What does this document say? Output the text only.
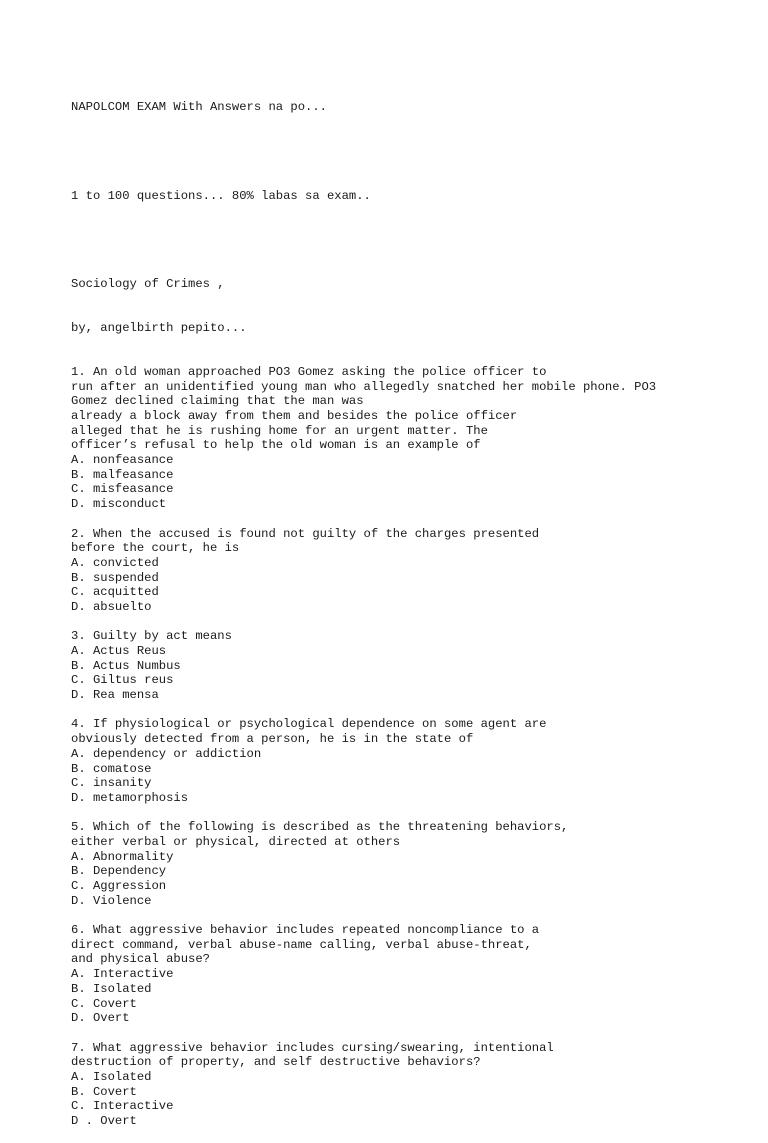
NAPOLCOM EXAM With Answers na po...

1 to 100 questions... 80% labas sa exam..

Sociology of Crimes ,

by, angelbirth pepito...

1. An old woman approached PO3 Gomez asking the police officer to
run after an unidentified young man who allegedly snatched her mobile phone. PO3
Gomez declined claiming that the man was
already a block away from them and besides the police officer
alleged that he is rushing home for an urgent matter. The
officer’s refusal to help the old woman is an example of
A. nonfeasance
B. malfeasance
C. misfeasance
D. misconduct
2. When the accused is found not guilty of the charges presented
before the court, he is
A. convicted
B. suspended
C. acquitted
D. absuelto
3. Guilty by act means
A. Actus Reus
B. Actus Numbus
C. Giltus reus
D. Rea mensa
4. If physiological or psychological dependence on some agent are
obviously detected from a person, he is in the state of
A. dependency or addiction
B. comatose
C. insanity
D. metamorphosis
5. Which of the following is described as the threatening behaviors,
either verbal or physical, directed at others
A. Abnormality
B. Dependency
C. Aggression
D. Violence
6. What aggressive behavior includes repeated noncompliance to a
direct command, verbal abuse-name calling, verbal abuse-threat,
and physical abuse?
A. Interactive
B. Isolated
C. Covert
D. Overt
7. What aggressive behavior includes cursing/swearing, intentional
destruction of property, and self destructive behaviors?
A. Isolated
B. Covert
C. Interactive
D . Overt
